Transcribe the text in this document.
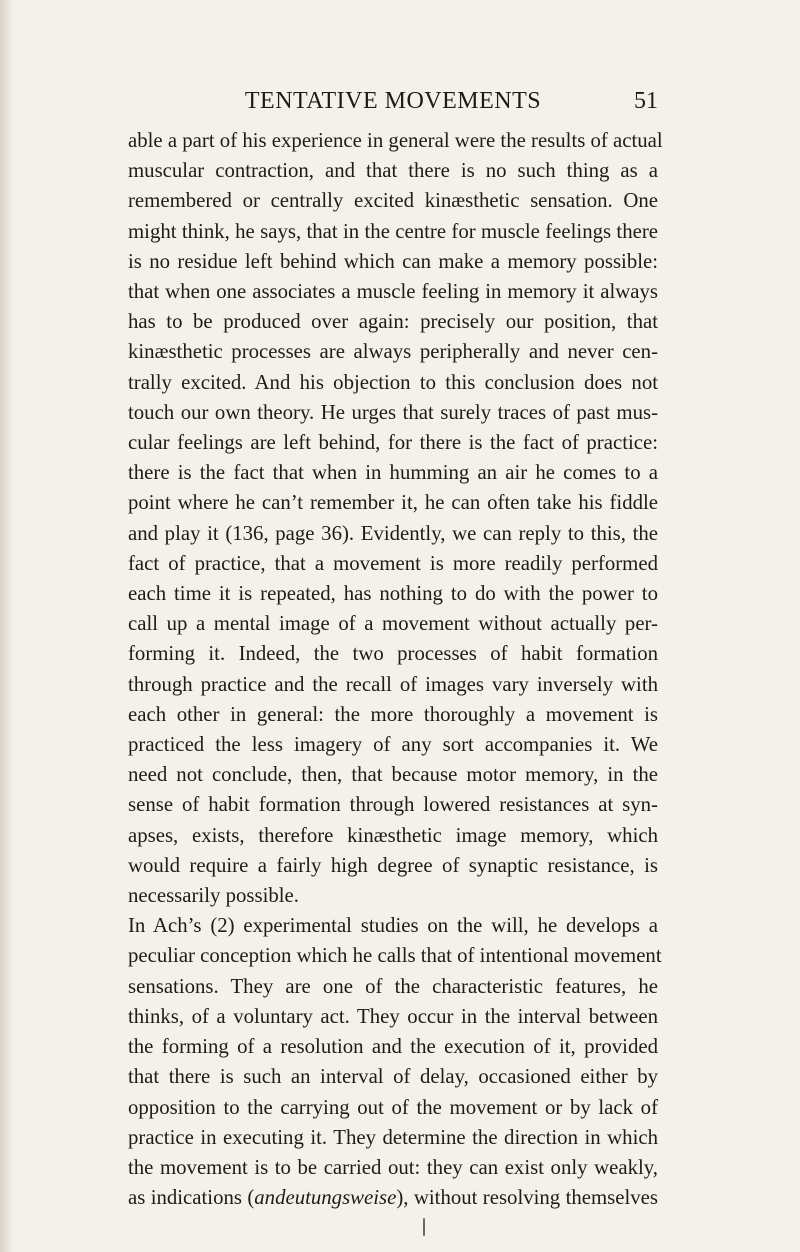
TENTATIVE MOVEMENTS	51
able a part of his experience in general were the results of actual
muscular contraction, and that there is no such thing as a
remembered or centrally excited kinæsthetic sensation. One
might think, he says, that in the centre for muscle feelings there
is no residue left behind which can make a memory possible:
that when one associates a muscle feeling in memory it always
has to be produced over again: precisely our position, that
kinæsthetic processes are always peripherally and never cen-
trally excited. And his objection to this conclusion does not
touch our own theory. He urges that surely traces of past mus-
cular feelings are left behind, for there is the fact of practice:
there is the fact that when in humming an air he comes to a
point where he can’t remember it, he can often take his fiddle
and play it (136, page 36). Evidently, we can reply to this, the
fact of practice, that a movement is more readily performed
each time it is repeated, has nothing to do with the power to
call up a mental image of a movement without actually per-
forming it. Indeed, the two processes of habit formation
through practice and the recall of images vary inversely with
each other in general: the more thoroughly a movement is
practiced the less imagery of any sort accompanies it. We
need not conclude, then, that because motor memory, in the
sense of habit formation through lowered resistances at syn-
apses, exists, therefore kinæsthetic image memory, which
would require a fairly high degree of synaptic resistance, is
necessarily possible.
In Ach’s (2) experimental studies on the will, he develops a
peculiar conception which he calls that of intentional movement
sensations. They are one of the characteristic features, he
thinks, of a voluntary act. They occur in the interval between
the forming of a resolution and the execution of it, provided
that there is such an interval of delay, occasioned either by
opposition to the carrying out of the movement or by lack of
practice in executing it. They determine the direction in which
the movement is to be carried out: they can exist only weakly,
as indications (andeutungsweise), without resolving themselves
